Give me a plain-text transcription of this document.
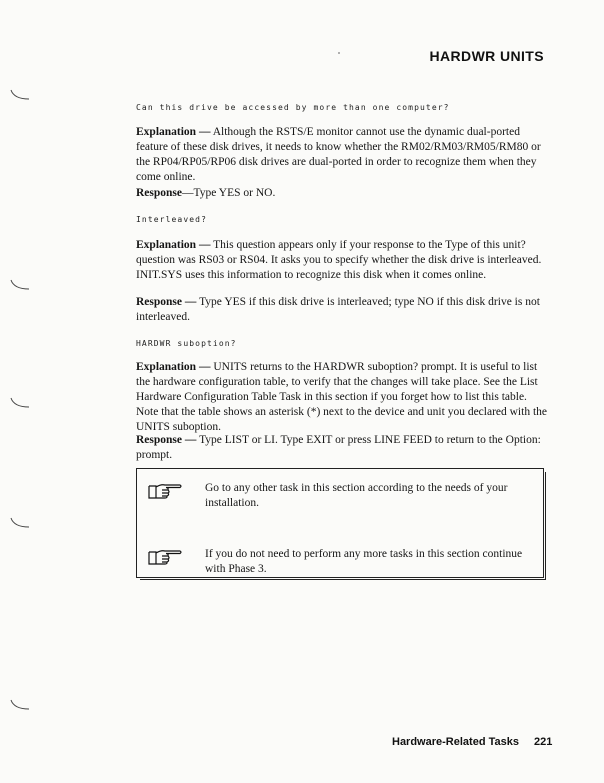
HARDWR UNITS
Can this drive be accessed by more than one computer?
Explanation — Although the RSTS/E monitor cannot use the dynamic dual-ported feature of these disk drives, it needs to know whether the RM02/RM03/RM05/RM80 or the RP04/RP05/RP06 disk drives are dual-ported in order to recognize them when they come online.
Response—Type YES or NO.
Interleaved?
Explanation — This question appears only if your response to the Type of this unit? question was RS03 or RS04. It asks you to specify whether the disk drive is interleaved. INIT.SYS uses this information to recognize this disk when it comes online.
Response — Type YES if this disk drive is interleaved; type NO if this disk drive is not interleaved.
HARDWR suboption?
Explanation — UNITS returns to the HARDWR suboption? prompt. It is useful to list the hardware configuration table, to verify that the changes will take place. See the List Hardware Configuration Table Task in this section if you forget how to list this table. Note that the table shows an asterisk (*) next to the device and unit you declared with the UNITS suboption.
Response — Type LIST or LI. Type EXIT or press LINE FEED to return to the Option: prompt.
Go to any other task in this section according to the needs of your installation.
If you do not need to perform any more tasks in this section continue with Phase 3.
Hardware-Related Tasks 221
